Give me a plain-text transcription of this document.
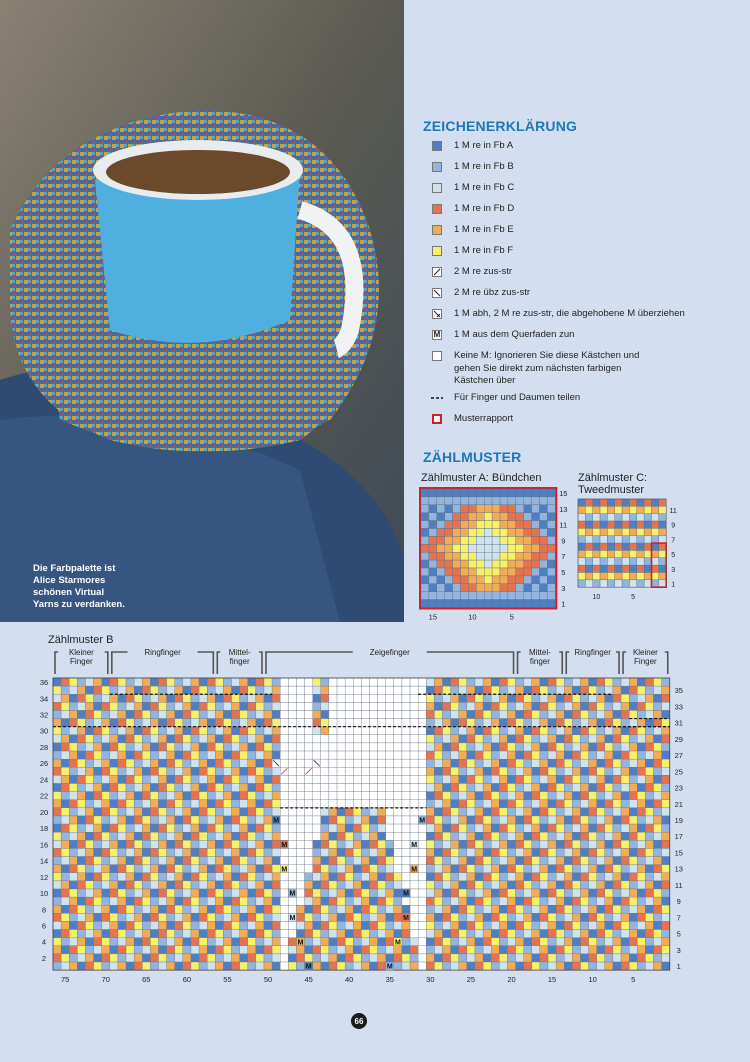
Die Farbpalette ist
Alice Starmores
schönen Virtual
Yarns zu verdanken.
ZEICHENERKLÄRUNG
1 M re in Fb A
1 M re in Fb B
1 M re in Fb C
1 M re in Fb D
1 M re in Fb E
1 M re in Fb F
2 M re zus-str
2 M re übz zus-str
1 M abh, 2 M re zus-str, die abgehobene M überziehen
M 1 M aus dem Querfaden zun
Keine M: Ignorieren Sie diese Kästchen und
gehen Sie direkt zum nächsten farbigen
Kästchen über
Für Finger und Daumen teilen
Musterrapport
ZÄHLMUSTER
Zählmuster A: Bündchen	Zählmuster C:
Tweedmuster
Zählmuster B
1
3
5
7
9
11
13
15
15	10	5
1
3
5
7
9
11
10	5
M
M
M
M
M
M
M
M
M
M
M
M
M
M
2
4
6
8
10
12
14
16
18
20
22
24
26
28
30
32
34
36
1
3
5
7
9
11
13
15
17
19
21
23
25
27
29
31
33
35
75	70	65	60	55	50	45	40	35	30	25	20	15	10	5
Kleiner
Finger
Ringfinger	Mittel-
finger
Zeigefinger	Mittel-
finger
Ringfinger	Kleiner
Finger
66
